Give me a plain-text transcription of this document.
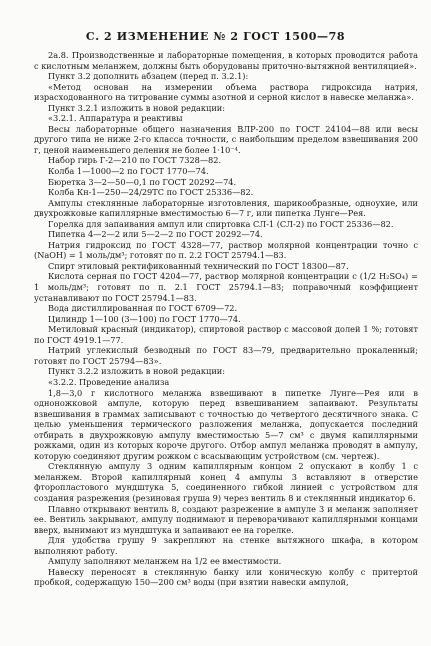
С. 2 ИЗМЕНЕНИЕ № 2 ГОСТ 1500—78

2а.8. Производственные и лабораторные помещения, в которых проводится работа с кислотным меланжем, должны быть оборудованы приточно-вытяжной вентиляцией».

Пункт 3.2 дополнить абзацем (перед п. 3.2.1):

«Метод основан на измерении объема раствора гидроксида натрия, израсходованного на титрование суммы азотной и серной кислот в навеске меланжа».

Пункт 3.2.1 изложить в новой редакции:

«3.2.1. Аппаратура и реактивы

Весы лабораторные общего назначения ВЛР-200 по ГОСТ 24104—88 или весы другого типа не ниже 2-го класса точности, с наибольшим пределом взвешивания 200 г, ценой наименьшего деления не более 1·10⁻⁴.

Набор гирь Г-2—210 по ГОСТ 7328—82.

Колба 1—1000—2 по ГОСТ 1770—74.

Бюретка 3—2—50—0,1 по ГОСТ 20292—74.

Колба Кн-1—250—24/29ТС по ГОСТ 25336—82.

Ампулы стеклянные лабораторные изготовления, шарикообразные, одноухие, или двухрожковые капиллярные вместимостью 6—7 г, или пипетка Лунге—Рея.

Горелка для запаивания ампул или спиртовка СЛ-1 (СЛ-2) по ГОСТ 25336—82.

Пипетка 4—2—2 или 5—2—2 по ГОСТ 20292—74.

Натрия гидроксид по ГОСТ 4328—77, раствор молярной концентрации точно с (NaOH) = 1 моль/дм³; готовят по п. 2.2 ГОСТ 25794.1—83.

Спирт этиловый ректификованный технический по ГОСТ 18300—87.

Кислота серная по ГОСТ 4204—77, раствор молярной концентрации с (1/2 H₂SO₄) = 1 моль/дм³; готовят по п. 2.1 ГОСТ 25794.1—83; поправочный коэффициент устанавливают по ГОСТ 25794.1—83.

Вода дистиллированная по ГОСТ 6709—72.

Цилиндр 1—100 (3—100) по ГОСТ 1770—74.

Метиловый красный (индикатор), спиртовой раствор с массовой долей 1 %; готовят по ГОСТ 4919.1—77.

Натрий углекислый безводный по ГОСТ 83—79, предварительно прокаленный; готовят по ГОСТ 25794—83».

Пункт 3.2.2 изложить в новой редакции:

«3.2.2. Проведение анализа

1,8—3,0 г кислотного меланжа взвешивают в пипетке Лунге—Рея или в одноножковой ампуле, которую перед взвешиванием запаивают. Результаты взвешивания в граммах записывают с точностью до четвертого десятичного знака. С целью уменьшения термического разложения меланжа, допускается последний отбирать в двухрожковую ампулу вместимостью 5—7 см³ с двумя капиллярными рожками, один из которых короче другого. Отбор ампул меланжа проводят в ампулу, которую соединяют другим рожком с всасывающим устройством (см. чертеж).

Стеклянную ампулу 3 одним капиллярным концом 2 опускают в колбу 1 с меланжем. Второй капиллярный конец 4 ампулы 3 вставляют в отверстие фторопластового мундштука 5, соединенного гибкой линией с устройством для создания разрежения (резиновая груша 9) через вентиль 8 и стеклянный индикатор 6.

Плавно открывают вентиль 8, создают разрежение в ампуле 3 и меланж заполняет ее. Вентиль закрывают, ампулу поднимают и переворачивают капиллярными концами вверх, вынимают из мундштука и запаивают ее на горелке.

Для удобства грушу 9 закрепляют на стенке вытяжного шкафа, в котором выполняют работу.

Ампулу заполняют меланжем на 1/2 ее вместимости.

Навеску переносят в стеклянную банку или коническую колбу с притертой пробкой, содержащую 150—200 см³ воды (при взятии навески ампулой,
